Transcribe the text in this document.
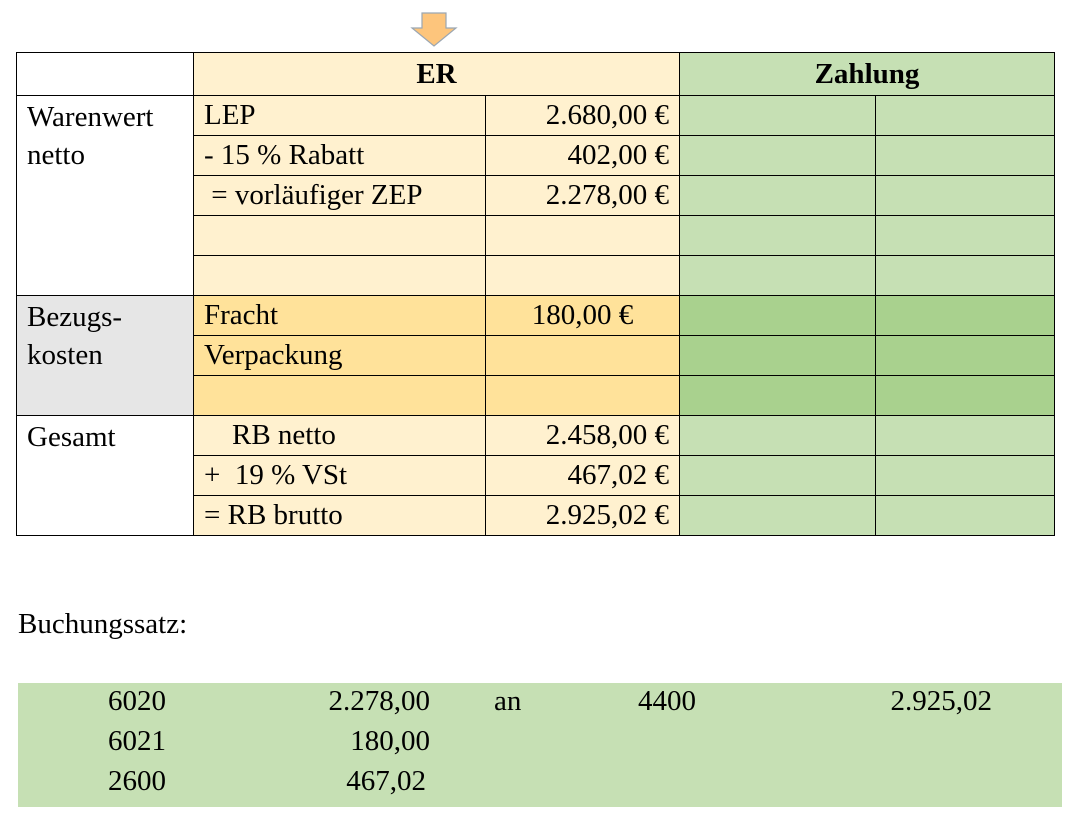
	ER		Zahlung	
Warenwert netto	LEP	2.680,00 €		
	- 15 % Rabatt	402,00 €		
	= vorläufiger ZEP	2.278,00 €		

Bezugs- kosten	Fracht	180,00 €		
	Verpackung			

Gesamt	RB netto	2.458,00 €		
	+  19 % VSt	467,02 €		
	= RB brutto	2.925,02 €		
Buchungssatz:
6020	2.278,00 an	4400	2.925,02
6021	180,00
2600	467,02
